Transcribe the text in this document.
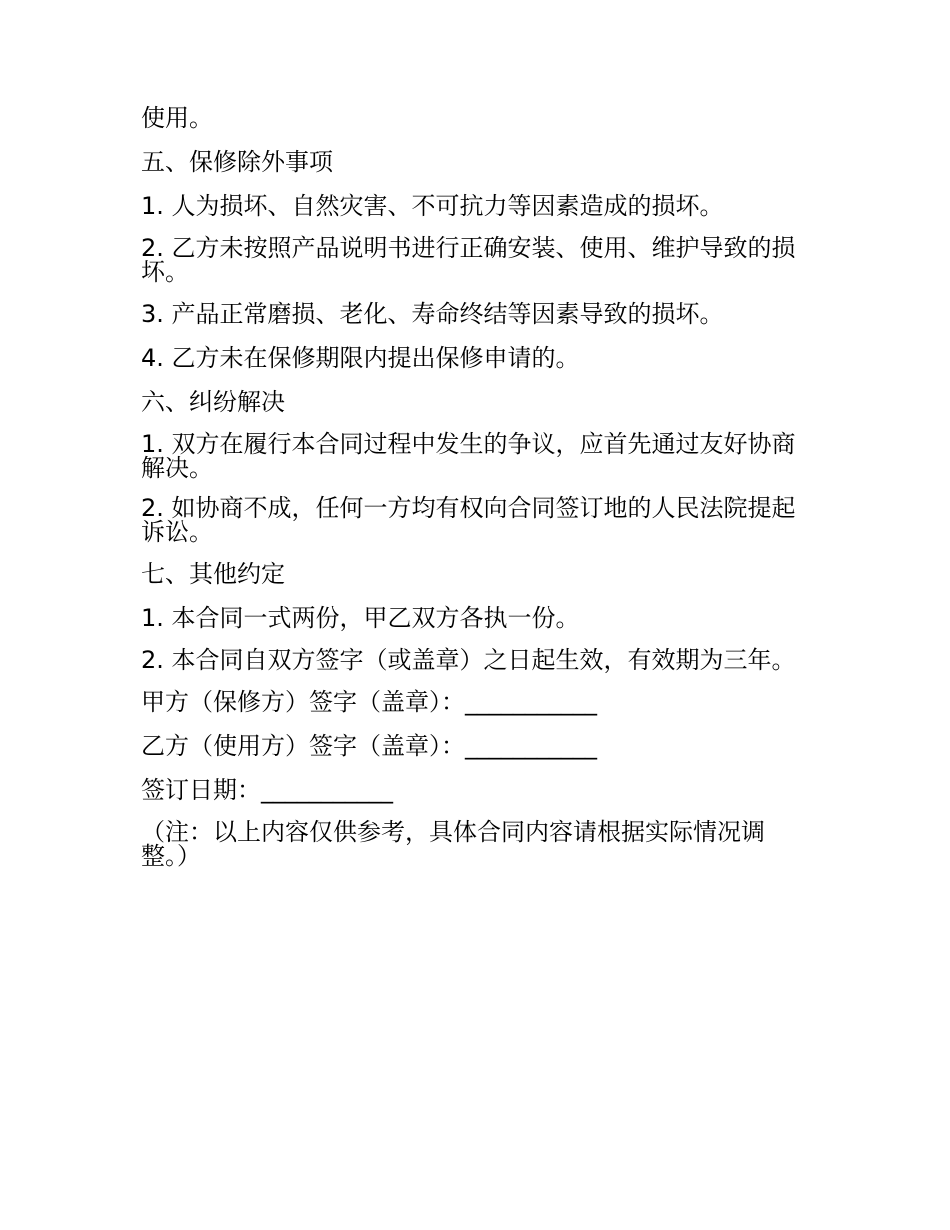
使用。

五、保修除外事项

1. 人为损坏、自然灾害、不可抗力等因素造成的损坏。

2. 乙方未按照产品说明书进行正确安装、使用、维护导致的损坏。

3. 产品正常磨损、老化、寿命终结等因素导致的损坏。

4. 乙方未在保修期限内提出保修申请的。

六、纠纷解决

1. 双方在履行本合同过程中发生的争议，应首先通过友好协商解决。

2. 如协商不成，任何一方均有权向合同签订地的人民法院提起诉讼。

七、其他约定

1. 本合同一式两份，甲乙双方各执一份。

2. 本合同自双方签字（或盖章）之日起生效，有效期为三年。

甲方（保修方）签字（盖章）：___________

乙方（使用方）签字（盖章）：___________

签订日期：___________

（注：以上内容仅供参考，具体合同内容请根据实际情况调整。）
